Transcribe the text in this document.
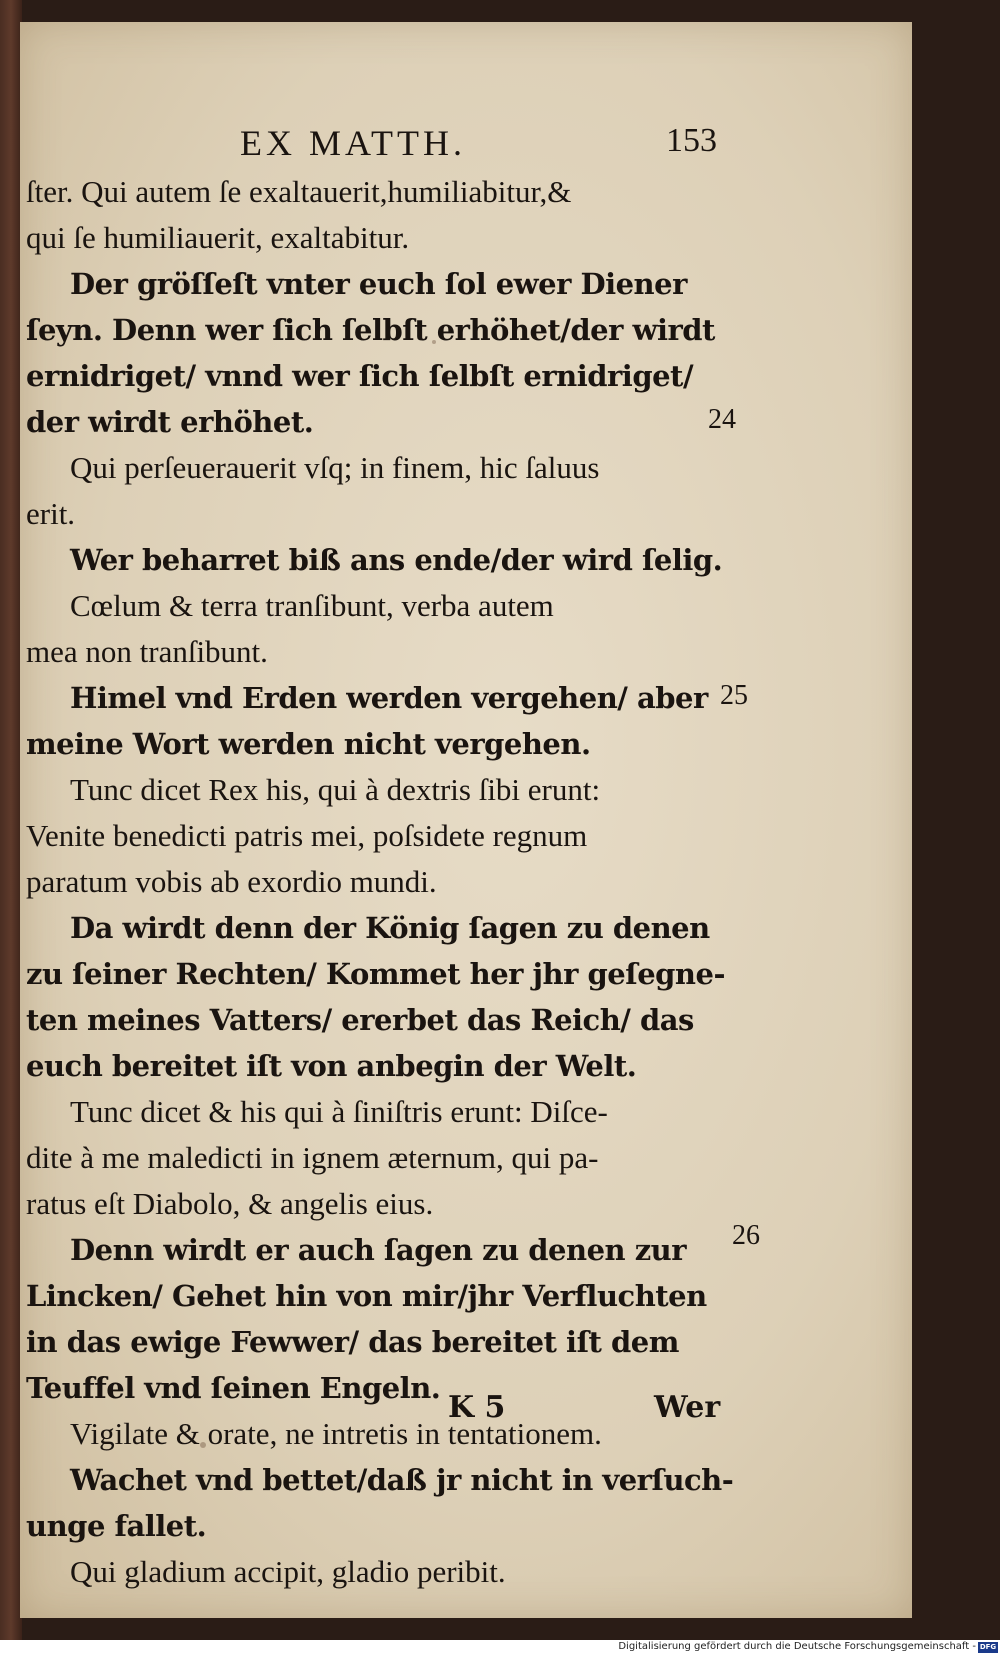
EX MATTH.	153
ſter. Qui autem ſe exaltauerit,humiliabitur,&
qui ſe humiliauerit, exaltabitur.
Der gröſſeſt vnter euch ſol ewer Diener
ſeyn. Denn wer ſich ſelbſt erhöhet/der wirdt
ernidriget/ vnnd wer ſich ſelbſt ernidriget/
der wirdt erhöhet.
Qui perſeuerauerit vſq; in finem, hic ſaluus
erit.
Wer beharret biß ans ende/der wird ſelig.
Cœlum & terra tranſibunt, verba autem
mea non tranſibunt.
Himel vnd Erden werden vergehen/ aber
meine Wort werden nicht vergehen.
Tunc dicet Rex his, qui à dextris ſibi erunt:
Venite benedicti patris mei, poſsidete regnum
paratum vobis ab exordio mundi.
Da wirdt denn der König ſagen zu denen
zu ſeiner Rechten/ Kommet her jhr geſegne-
ten meines Vatters/ ererbet das Reich/ das
euch bereitet iſt von anbegin der Welt.
Tunc dicet & his qui à ſiniſtris erunt: Diſce-
dite à me maledicti in ignem æternum, qui pa-
ratus eſt Diabolo, & angelis eius.
Denn wirdt er auch ſagen zu denen zur
Lincken/ Gehet hin von mir/jhr Verfluchten
in das ewige Fewwer/ das bereitet iſt dem
Teuffel vnd ſeinen Engeln.
Vigilate & orate, ne intretis in tentationem.
Wachet vnd bettet/daß jr nicht in verſuch-
unge fallet.
Qui gladium accipit, gladio peribit.
24
25
26
K 5	Wer
Digitalisierung gefördert durch die Deutsche Forschungsgemeinschaft - DFG
